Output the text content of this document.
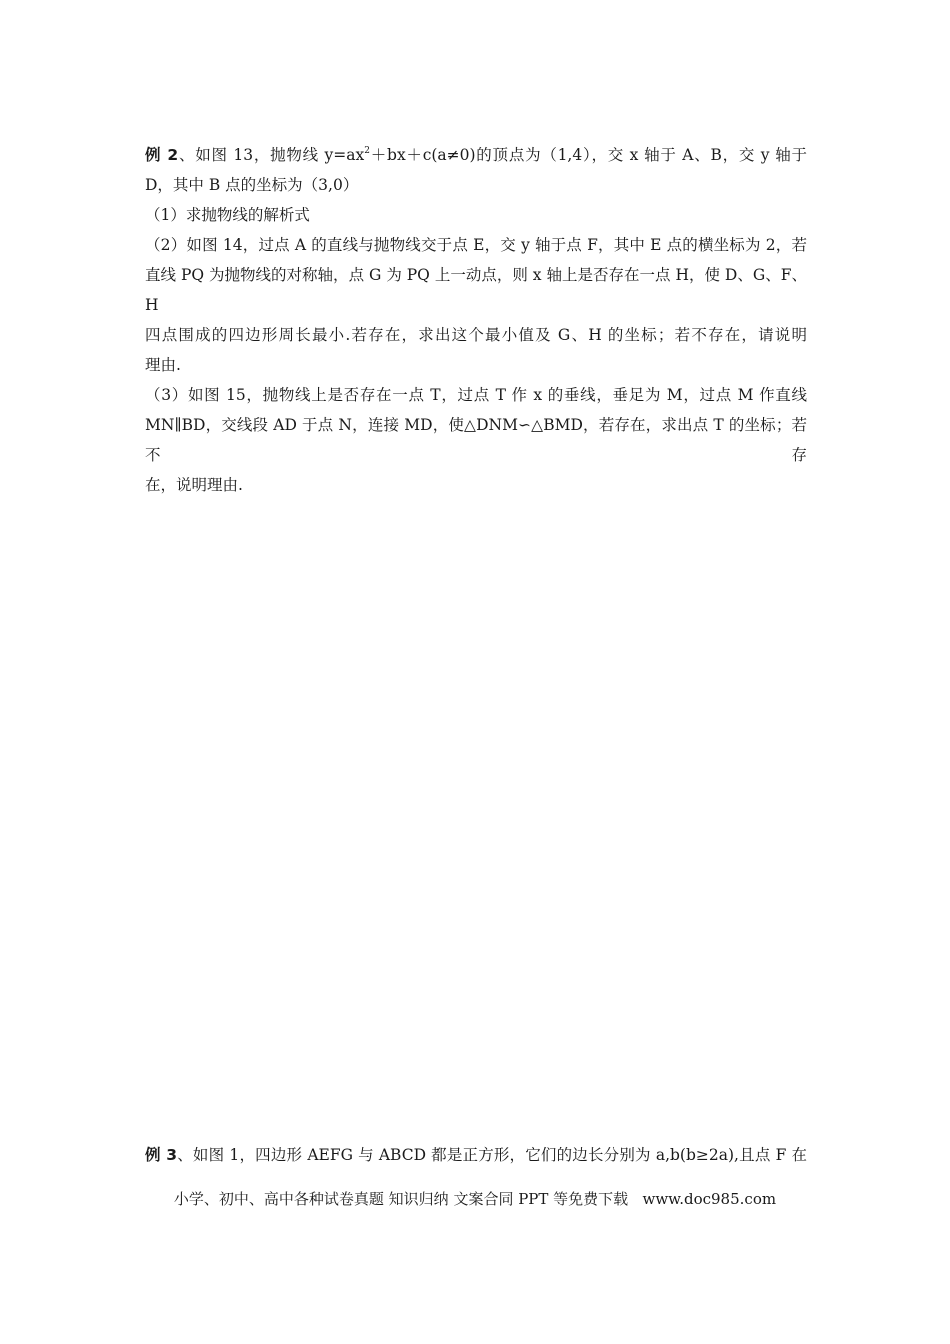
例 2、如图 13，抛物线 $y=ax^2+bx+c(a\ne 0)$的顶点为（1,4），交 x 轴于 A、B，交 y 轴于

D，其中 B 点的坐标为（3,0）

（1）求抛物线的解析式

（2）如图 14，过点 A 的直线与抛物线交于点 E，交 y 轴于点 F，其中 E 点的横坐标为 2，若

直线 PQ 为抛物线的对称轴，点 G 为 PQ 上一动点，则 x 轴上是否存在一点 H，使 D、G、F、H

四点围成的四边形周长最小.若存在，求出这个最小值及 G、H 的坐标；若不存在，请说明

理由.

（3）如图 15，抛物线上是否存在一点 T，过点 T 作 x 的垂线，垂足为 M，过点 M 作直线

MN∥BD，交线段 AD 于点 N，连接 MD，使△DNM∽△BMD，若存在，求出点 T 的坐标；若不存

在，说明理由.

例 3、如图 1，四边形 AEFG 与 ABCD 都是正方形，它们的边长分别为 a,b(b≥2a),且点 F 在

小学、初中、高中各种试卷真题 知识归纳 文案合同 PPT 等免费下载   www.doc985.com
